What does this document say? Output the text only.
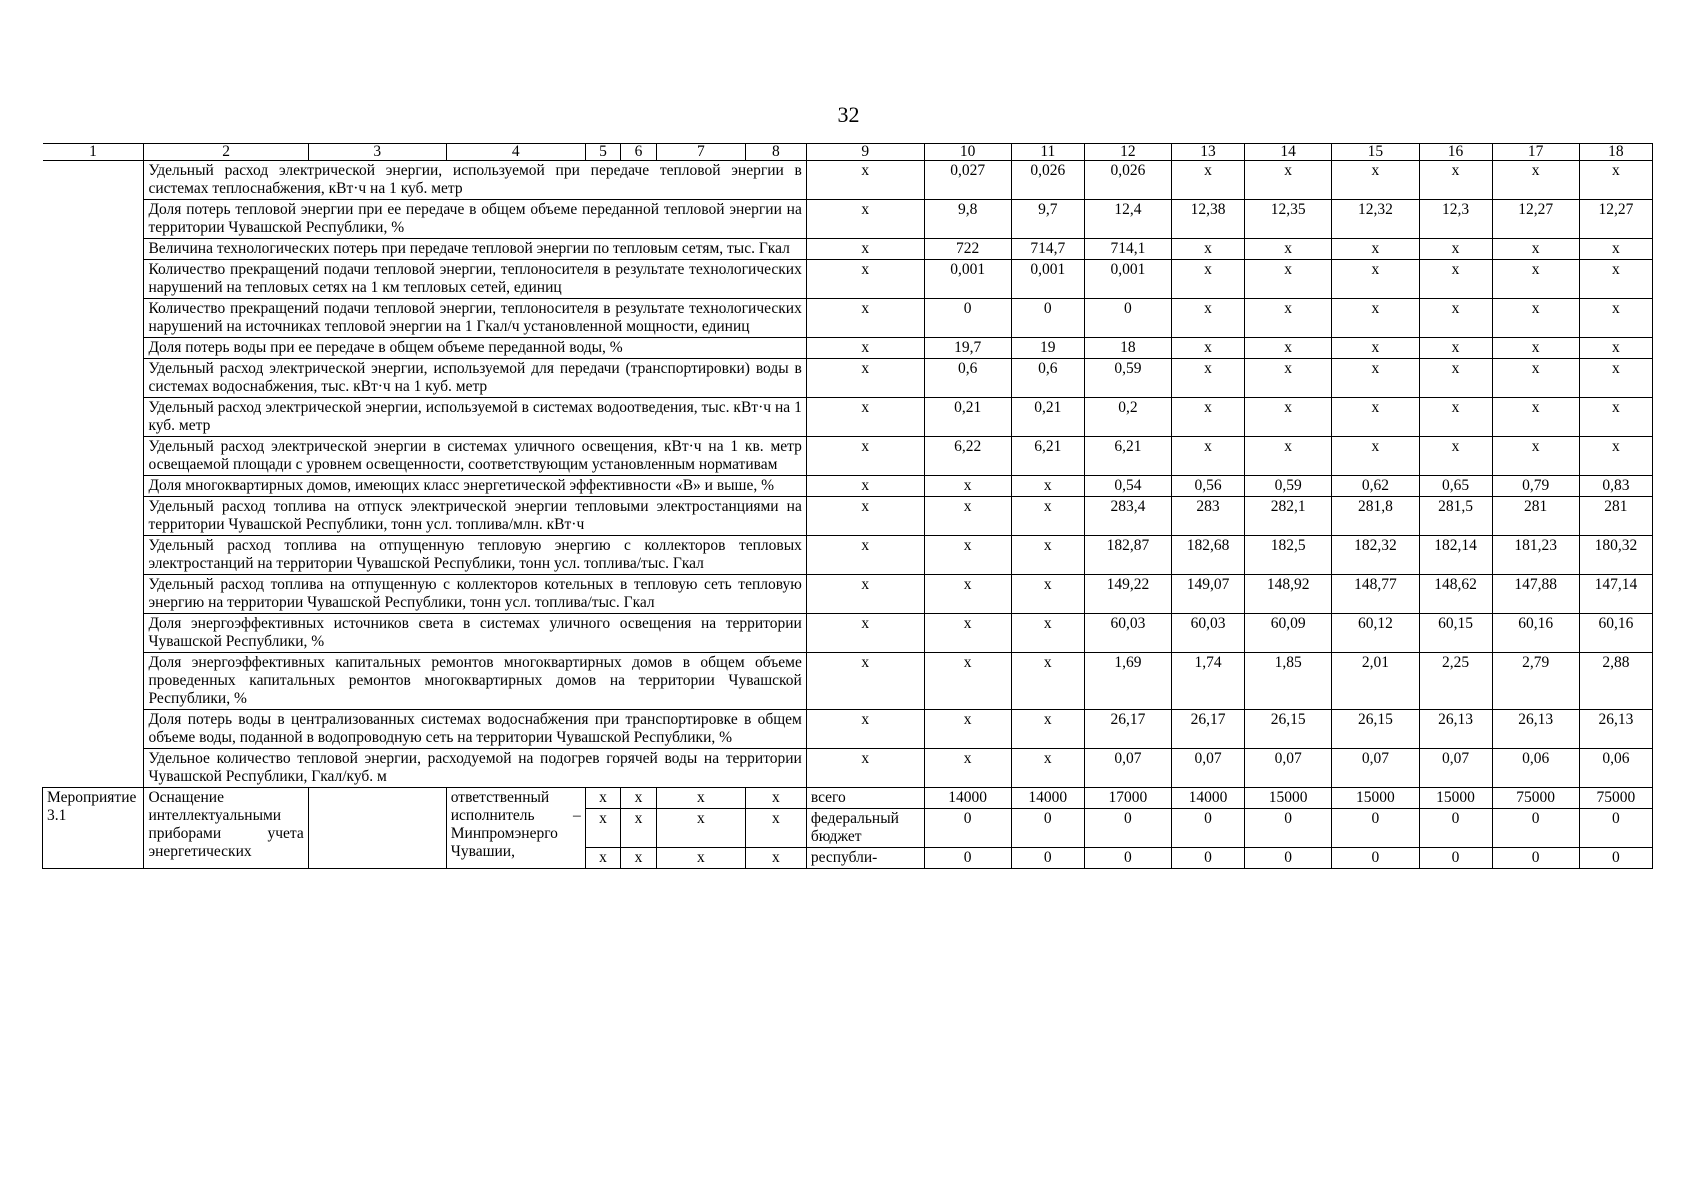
32
1	2	3	4	5	6	7	8	9	10	11	12	13	14	15	16	17	18
	Удельный расход электрической энергии, используемой при передаче тепловой энергии в системах теплоснабжения, кВт·ч на 1 куб. метр							x	0,027	0,026	0,026	x	x	x	x	x	x
	Доля потерь тепловой энергии при ее передаче в общем объеме переданной тепловой энергии на территории Чувашской Республики, %							x	9,8	9,7	12,4	12,38	12,35	12,32	12,3	12,27	12,27
	Величина технологических потерь при передаче тепловой энергии по тепловым сетям, тыс. Гкал							x	722	714,7	714,1	x	x	x	x	x	x
	Количество прекращений подачи тепловой энергии, теплоносителя в результате технологических нарушений на тепловых сетях на 1 км тепловых сетей, единиц							x	0,001	0,001	0,001	x	x	x	x	x	x
	Количество прекращений подачи тепловой энергии, теплоносителя в результате технологических нарушений на источниках тепловой энергии на 1 Гкал/ч установленной мощности, единиц							x	0	0	0	x	x	x	x	x	x
	Доля потерь воды при ее передаче в общем объеме переданной воды, %							x	19,7	19	18	x	x	x	x	x	x
	Удельный расход электрической энергии, используемой для передачи (транспортировки) воды в системах водоснабжения, тыс. кВт·ч на 1 куб. метр							x	0,6	0,6	0,59	x	x	x	x	x	x
	Удельный расход электрической энергии, используемой в системах водоотведения, тыс. кВт·ч на 1 куб. метр							x	0,21	0,21	0,2	x	x	x	x	x	x
	Удельный расход электрической энергии в системах уличного освещения, кВт·ч на 1 кв. метр освещаемой площади с уровнем освещенности, соответствующим установленным нормативам							x	6,22	6,21	6,21	x	x	x	x	x	x
	Доля многоквартирных домов, имеющих класс энергетической эффективности «В» и выше, %							x	x	x	0,54	0,56	0,59	0,62	0,65	0,79	0,83
	Удельный расход топлива на отпуск электрической энергии тепловыми электростанциями на территории Чувашской Республики, тонн усл. топлива/млн. кВт·ч							x	x	x	283,4	283	282,1	281,8	281,5	281	281
	Удельный расход топлива на отпущенную тепловую энергию с коллекторов тепловых электростанций на территории Чувашской Республики, тонн усл. топлива/тыс. Гкал							x	x	x	182,87	182,68	182,5	182,32	182,14	181,23	180,32
	Удельный расход топлива на отпущенную с коллекторов котельных в тепловую сеть тепловую энергию на территории Чувашской Республики, тонн усл. топлива/тыс. Гкал							x	x	x	149,22	149,07	148,92	148,77	148,62	147,88	147,14
	Доля энергоэффективных источников света в системах уличного освещения на территории Чувашской Республики, %							x	x	x	60,03	60,03	60,09	60,12	60,15	60,16	60,16
	Доля энергоэффективных капитальных ремонтов многоквартирных домов в общем объеме проведенных капитальных ремонтов многоквартирных домов на территории Чувашской Республики, %							x	x	x	1,69	1,74	1,85	2,01	2,25	2,79	2,88
	Доля потерь воды в централизованных системах водоснабжения при транспортировке в общем объеме воды, поданной в водопроводную сеть на территории Чувашской Республики, %							x	x	x	26,17	26,17	26,15	26,15	26,13	26,13	26,13
	Удельное количество тепловой энергии, расходуемой на подогрев горячей воды на территории Чувашской Республики, Гкал/куб. м							x	x	x	0,07	0,07	0,07	0,07	0,07	0,06	0,06
Мероприятие 3.1	Оснащение интеллектуальными приборами учета энергетических		ответственный исполнитель – Минпромэнерго Чувашии,	x	x	x	x	всего	14000	14000	17000	14000	15000	15000	15000	75000	75000
				x	x	x	x	федеральный бюджет	0	0	0	0	0	0	0	0	0
				x	x	x	x	республи-	0	0	0	0	0	0	0	0	0
